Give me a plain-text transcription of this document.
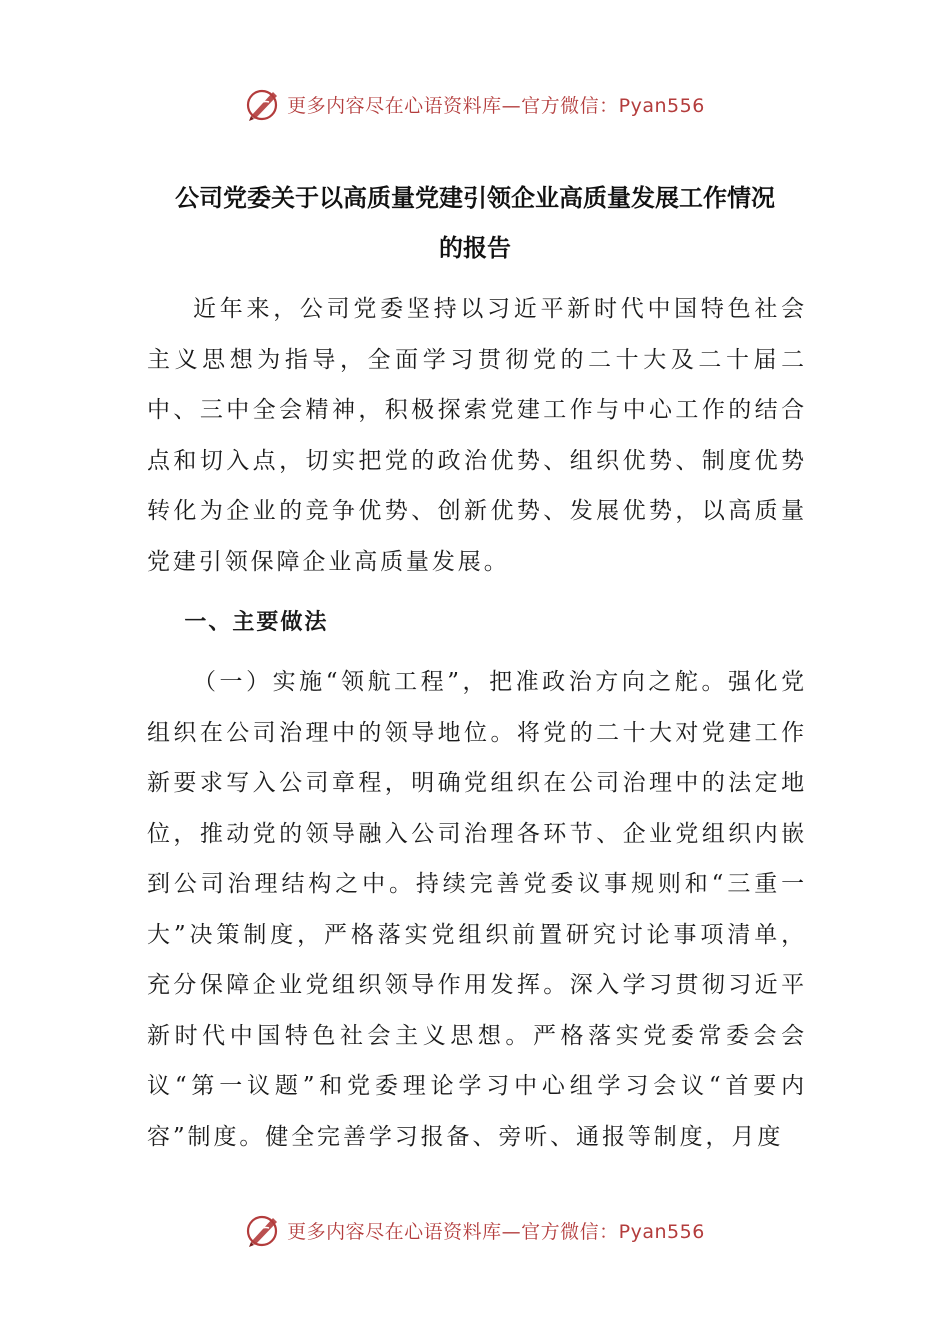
更多内容尽在心语资料库—官方微信：Pyan556
公司党委关于以高质量党建引领企业高质量发展工作情况
的报告

近年来，公司党委坚持以习近平新时代中国特色社会主义思想为指导，全面学习贯彻党的二十大及二十届二中、三中全会精神，积极探索党建工作与中心工作的结合点和切入点，切实把党的政治优势、组织优势、制度优势转化为企业的竞争优势、创新优势、发展优势，以高质量党建引领保障企业高质量发展。

一、主要做法

（一）实施“领航工程”，把准政治方向之舵。强化党组织在公司治理中的领导地位。将党的二十大对党建工作新要求写入公司章程，明确党组织在公司治理中的法定地位，推动党的领导融入公司治理各环节、企业党组织内嵌到公司治理结构之中。持续完善党委议事规则和“三重一大”决策制度，严格落实党组织前置研究讨论事项清单，充分保障企业党组织领导作用发挥。深入学习贯彻习近平新时代中国特色社会主义思想。严格落实党委常委会会议“第一议题”和党委理论学习中心组学习会议“首要内容”制度。健全完善学习报备、旁听、通报等制度，月度

更多内容尽在心语资料库—官方微信：Pyan556
